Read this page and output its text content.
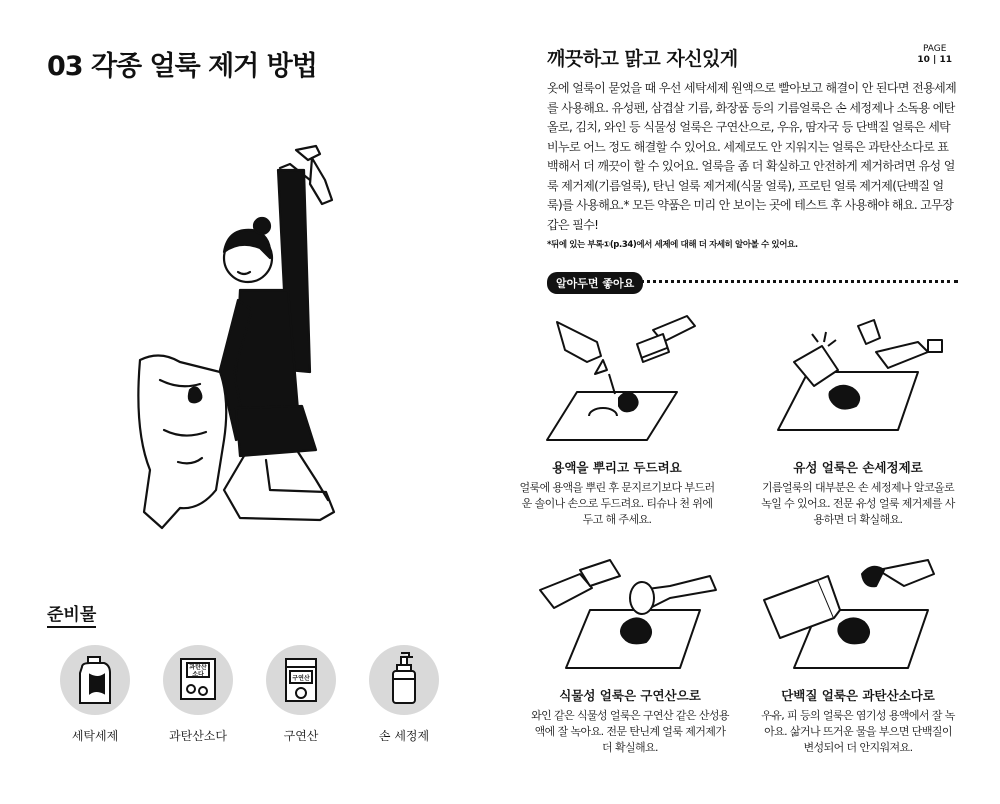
03 각종 얼룩 제거 방법
준비물
세탁세제
과탄산
소다
과탄산소다
구연산
구연산	손 세정제
깨끗하고 맑고 자신있게	PAGE
10 | 11
옷에 얼룩이 묻었을 때 우선 세탁세제 원액으로 빨아보고 해결이 안 된다면 전용세제를 사용해요. 유성펜, 삼겹살 기름, 화장품 등의 기름얼룩은 손 세정제나 소독용 에탄올로, 김치, 와인 등 식물성 얼룩은 구연산으로, 우유, 땀자국 등 단백질 얼룩은 세탁비누로 어느 정도 해결할 수 있어요. 세제로도 안 지워지는 얼룩은 과탄산소다로 표백해서 더 깨끗이 할 수 있어요. 얼룩을 좀 더 확실하고 안전하게 제거하려면 유성 얼룩 제거제(기름얼룩), 탄닌 얼룩 제거제(식물 얼룩), 프로틴 얼룩 제거제(단백질 얼룩)를 사용해요.* 모든 약품은 미리 안 보이는 곳에 테스트 후 사용해야 해요. 고무장갑은 필수!
*뒤에 있는 부록①(p.34)에서 세제에 대해 더 자세히 알아볼 수 있어요.
알아두면 좋아요
용액을 뿌리고 두드려요
얼룩에 용액을 뿌린 후 문지르기보다 부드러운 솔이나 손으로 두드려요. 티슈나 천 위에 두고 해 주세요.
유성 얼룩은 손세정제로
기름얼룩의 대부분은 손 세정제나 알코올로 녹일 수 있어요. 전문 유성 얼룩 제거제를 사용하면 더 확실해요.
식물성 얼룩은 구연산으로
와인 같은 식물성 얼룩은 구연산 같은 산성용액에 잘 녹아요. 전문 탄닌계 얼룩 제거제가 더 확실해요.
단백질 얼룩은 과탄산소다로
우유, 피 등의 얼룩은 염기성 용액에서 잘 녹아요. 삶거나 뜨거운 물을 부으면 단백질이 변성되어 더 안지워져요.
